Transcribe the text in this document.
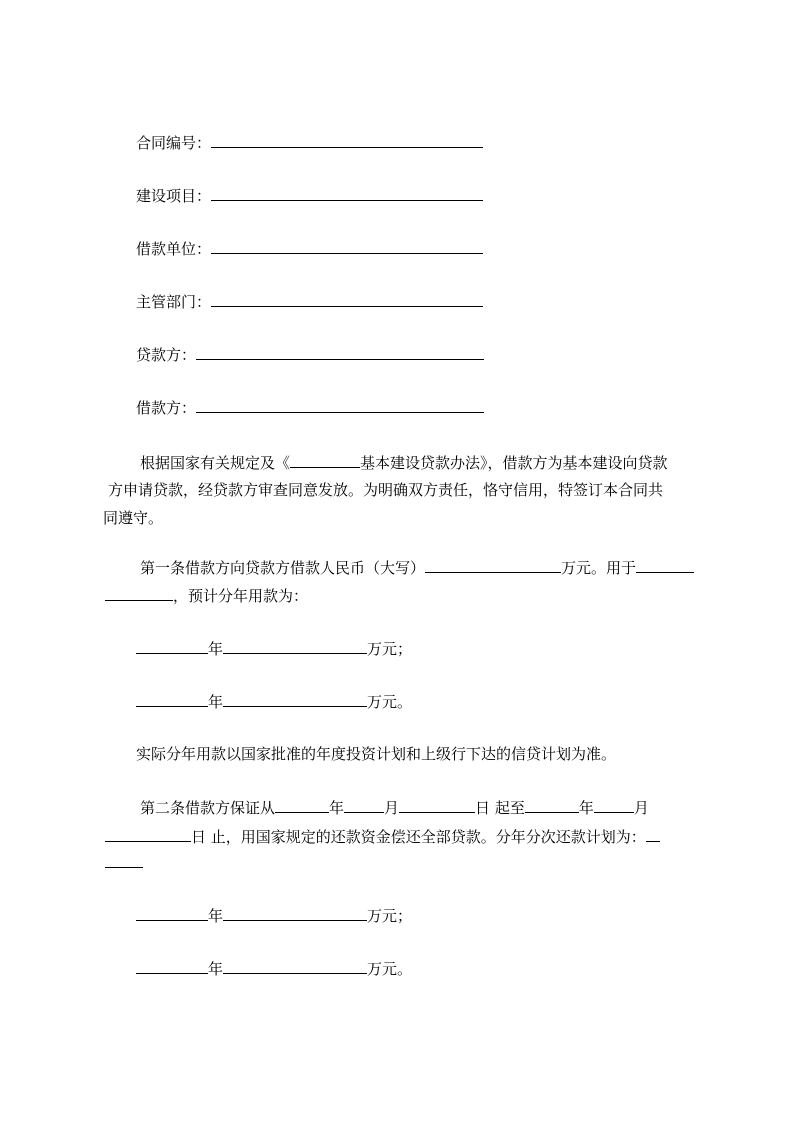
合同编号：
建设项目：
借款单位：
主管部门：
贷款方：
借款方：
根据国家有关规定及《	基本建设贷款办法》，借款方为基本建设向贷款
方申请贷款，经贷款方审查同意发放。为明确双方责任，恪守信用，特签订本合同共
同遵守。
第一条借款方向贷款方借款人民币（大写）	万元。用于
，预计分年用款为：
年	万元；
年	万元。
实际分年用款以国家批准的年度投资计划和上级行下达的信贷计划为准。
第二条借款方保证从	年	月	日 起至	年	月
日 止，用国家规定的还款资金偿还全部贷款。分年分次还款计划为：
年	万元；
年	万元。
